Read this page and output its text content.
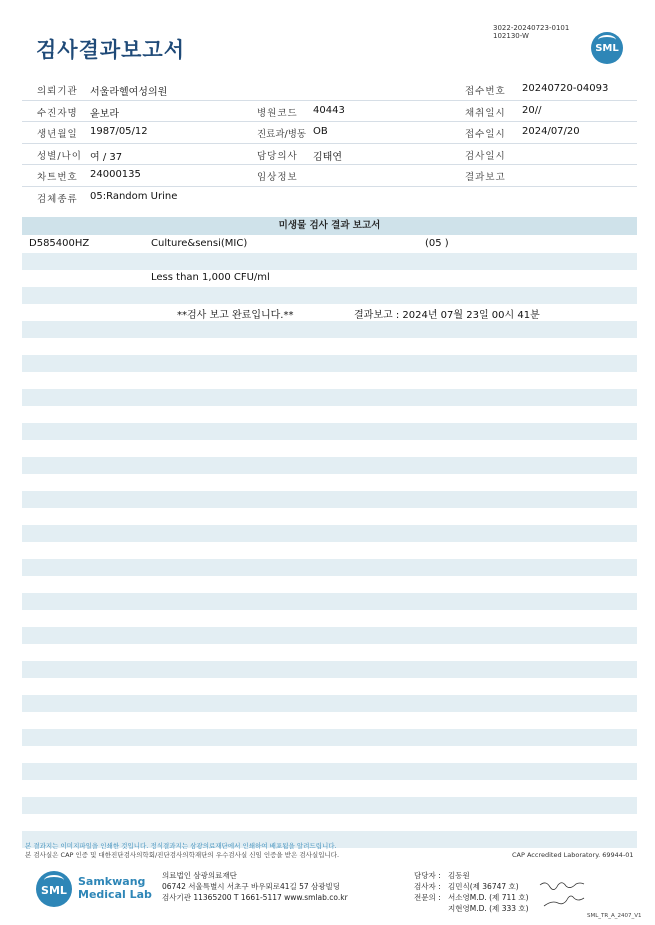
검사결과보고서
3022-20240723-0101
102130-W
SML
의뢰기관 서울라헬여성의원	접수번호 20240720-04093
수진자명 윤보라	병원코드 40443	채취일시 20//
생년월일 1987/05/12	진료과/병동 OB	접수일시 2024/07/20
성별/나이 여 / 37	담당의사 김태연	검사일시
차트번호 24000135	임상정보	결과보고
검체종류 05:Random Urine
미생물 검사 결과 보고서
D585400HZ	Culture&sensi(MIC)	(05 )
Less than 1,000 CFU/ml
**검사 보고 완료입니다.**	결과보고 : 2024년 07월 23일 00시 41분
본 결과지는 이미지파일을 인쇄한 것입니다. 정식결과지는 삼광의료재단에서 인쇄하여 배포됨을 알려드립니다.
본 검사실은 CAP 인증 및 대한진단검사의학회/진단검사의학재단의 우수검사실 신임 인증을 받은 검사실입니다.	CAP Accredited Laboratory. 69944-01
SML
Samkwang
Medical Lab
의료법인 삼광의료재단
06742 서울특별시 서초구 바우뫼로41길 57 삼광빌딩
검사기관 11365200 T 1661-5117 www.smlab.co.kr
담당자 : 김동원
검사자 : 김민식(제 36747 호)
전문의 : 서소영M.D. (제 711 호)
지현영M.D. (제 333 호)
SML_TR_A_2407_V1
